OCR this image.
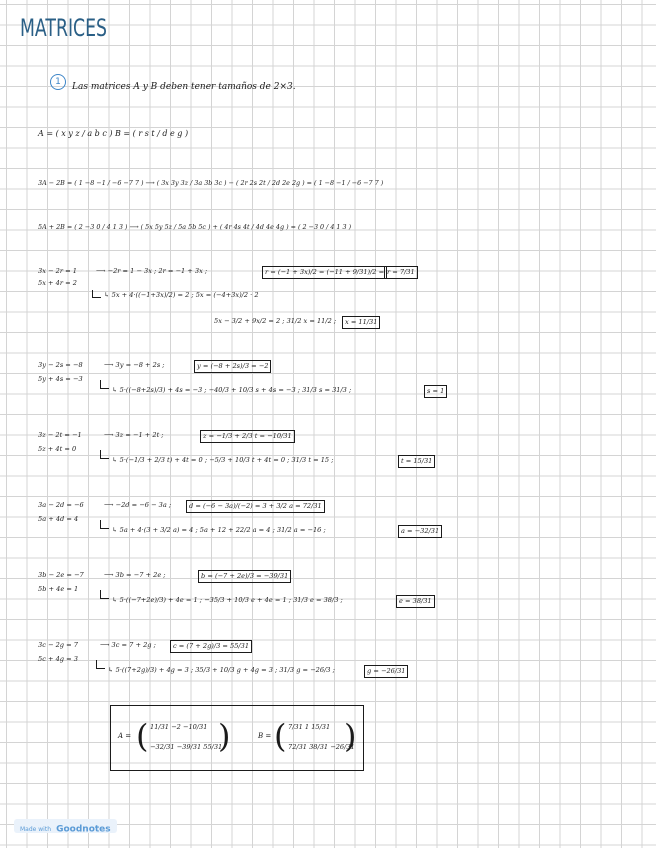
MATRICES
1	Las matrices A y B deben tener tamaños de 2×3.
A = ( x y z / a b c ) B = ( r s t / d e g )
3A − 2B = ( 1 −8 −1 / −6 −7 7 ) ⟶ ( 3x 3y 3z / 3a 3b 3c ) − ( 2r 2s 2t / 2d 2e 2g ) = ( 1 −8 −1 / −6 −7 7 )
5A + 2B = ( 2 −3 0 / 4 1 3 ) ⟶ ( 5x 5y 5z / 5a 5b 5c ) + ( 4r 4s 4t / 4d 4e 4g ) = ( 2 −3 0 / 4 1 3 )
3x − 2r = 1
5x + 4r = 2
⟶ −2r = 1 − 3x ; 2r = −1 + 3x ;	r = (−1 + 3x)/2 = (−11 + 9/31)/2 = r = 7/31
↳ 5x + 4·((−1+3x)/2) = 2 ; 5x = (−4+3x)/2 · 2
5x − 3/2 + 9x/2 = 2 ; 31/2 x = 11/2 ;	x = 11/31
3y − 2s = −8
5y + 4s = −3
⟶ 3y = −8 + 2s ;	y = (−8 + 2s)/3 = −2
↳ 5·((−8+2s)/3) + 4s = −3 ; −40/3 + 10/3 s + 4s = −3 ; 31/3 s = 31/3 ;	s = 1
3z − 2t = −1
5z + 4t = 0
⟶ 3z = −1 + 2t ;	z = −1/3 + 2/3 t = −10/31
↳ 5·(−1/3 + 2/3 t) + 4t = 0 ; −5/3 + 10/3 t + 4t = 0 ; 31/3 t = 15 ;	t = 15/31
3a − 2d = −6
5a + 4d = 4
⟶ −2d = −6 − 3a ;	d = (−6 − 3a)/(−2) = 3 + 3/2 a = 72/31
↳ 5a + 4·(3 + 3/2 a) = 4 ; 5a + 12 + 22/2 a = 4 ; 31/2 a = −16 ;	a = −32/31
3b − 2e = −7
5b + 4e = 1
⟶ 3b = −7 + 2e ;	b = (−7 + 2e)/3 = −39/31
↳ 5·((−7+2e)/3) + 4e = 1 ; −35/3 + 10/3 e + 4e = 1 ; 31/3 e = 38/3 ;	e = 38/31
3c − 2g = 7
5c + 4g = 3
⟶ 3c = 7 + 2g ;	c = (7 + 2g)/3 = 55/31
↳ 5·((7+2g)/3) + 4g = 3 ; 35/3 + 10/3 g + 4g = 3 ; 31/3 g = −26/3 ;	g = −26/31
A = ( 11/31 −2 −10/31
−32/31 −39/31 55/31
)	B = ( 7/31 1 15/31
72/31 38/31 −26/31
)
Made with Goodnotes
